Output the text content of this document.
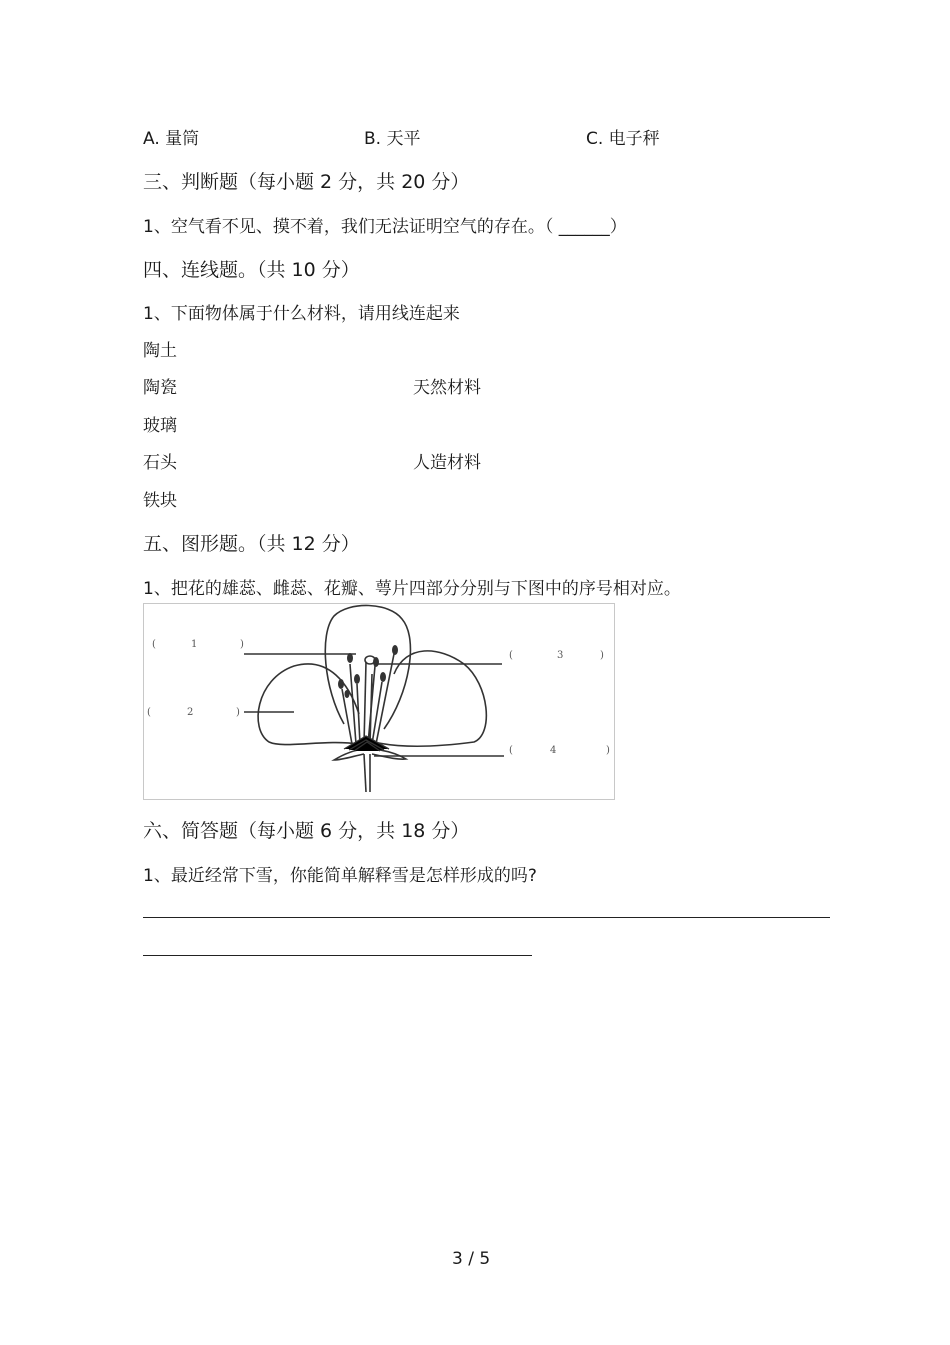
A. 量筒	B. 天平	C. 电子秤
三、判断题（每小题 2 分，共 20 分）
1、空气看不见、摸不着，我们无法证明空气的存在。（ ______）
四、连线题。（共 10 分）
1、下面物体属于什么材料，请用线连起来
陶土
陶瓷
玻璃
石头
铁块
天然材料
人造材料
五、图形题。（共 12 分）
1、把花的雄蕊、雌蕊、花瓣、萼片四部分分别与下图中的序号相对应。
(	1	)
(	2	)
(	3	)
(	4	)
六、简答题（每小题 6 分，共 18 分）
1、最近经常下雪，你能简单解释雪是怎样形成的吗?
3 / 5
